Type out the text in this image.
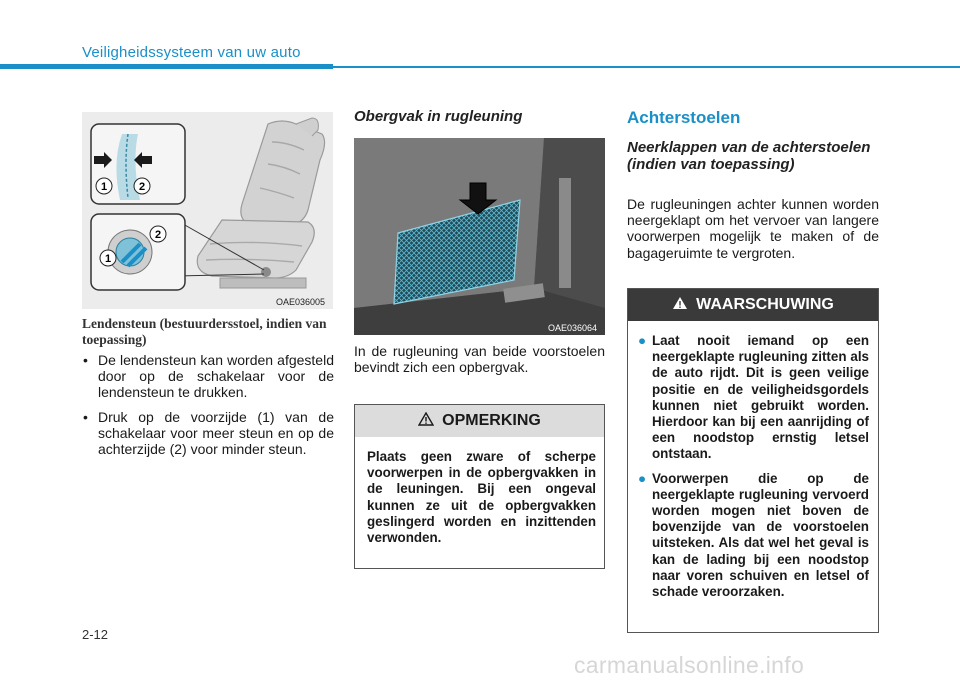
Veiligheidssysteem van uw auto
1	2
1
2
OAE036005
Lendensteun (bestuurdersstoel, indien van toepassing)
• De lendensteun kan worden afgesteld door op de schakelaar voor de lendensteun te drukken.
• Druk op de voorzijde (1) van de schakelaar voor meer steun en op de achterzijde (2) voor minder steun.
Obergvak in rugleuning
OAE036064
In de rugleuning van beide voorstoelen bevindt zich een opbergvak.
OPMERKING
Plaats geen zware of scherpe voorwerpen in de opbergvakken in de leuningen. Bij een ongeval kunnen ze uit de opbergvakken geslingerd worden en inzittenden verwonden.
Achterstoelen
Neerklappen van de achterstoelen (indien van toepassing)
De rugleuningen achter kunnen worden neergeklapt om het vervoer van langere voorwerpen mogelijk te maken of de bagageruimte te vergroten.
WAARSCHUWING
● Laat nooit iemand op een neergeklapte rugleuning zitten als de auto rijdt. Dit is geen veilige positie en de veiligheidsgordels kunnen niet gebruikt worden. Hierdoor kan bij een aanrijding of een noodstop ernstig letsel ontstaan.
● Voorwerpen die op de neergeklapte rugleuning vervoerd worden mogen niet boven de bovenzijde van de voorstoelen uitsteken. Als dat wel het geval is kan de lading bij een noodstop naar voren schuiven en letsel of schade veroorzaken.
2-12
carmanualsonline.info
